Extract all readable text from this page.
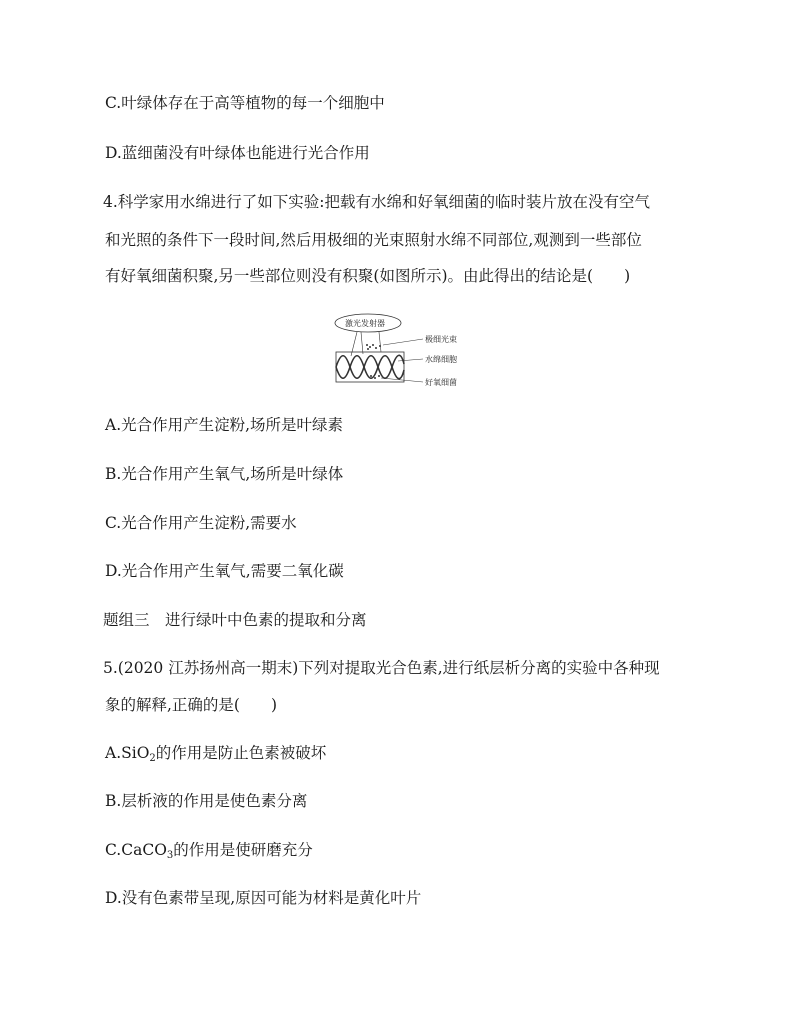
C.叶绿体存在于高等植物的每一个细胞中
D.蓝细菌没有叶绿体也能进行光合作用
4.科学家用水绵进行了如下实验:把载有水绵和好氧细菌的临时装片放在没有空气
和光照的条件下一段时间,然后用极细的光束照射水绵不同部位,观测到一些部位
有好氧细菌积聚,另一些部位则没有积聚(如图所示)。由此得出的结论是(　　)
激光发射器
极细光束
水绵细胞
好氧细菌
A.光合作用产生淀粉,场所是叶绿素
B.光合作用产生氧气,场所是叶绿体
C.光合作用产生淀粉,需要水
D.光合作用产生氧气,需要二氧化碳
题组三　进行绿叶中色素的提取和分离
5.(2020 江苏扬州高一期末)下列对提取光合色素,进行纸层析分离的实验中各种现
象的解释,正确的是(　　)
A.SiO$_2$的作用是防止色素被破坏
B.层析液的作用是使色素分离
C.CaCO$_3$的作用是使研磨充分
D.没有色素带呈现,原因可能为材料是黄化叶片
